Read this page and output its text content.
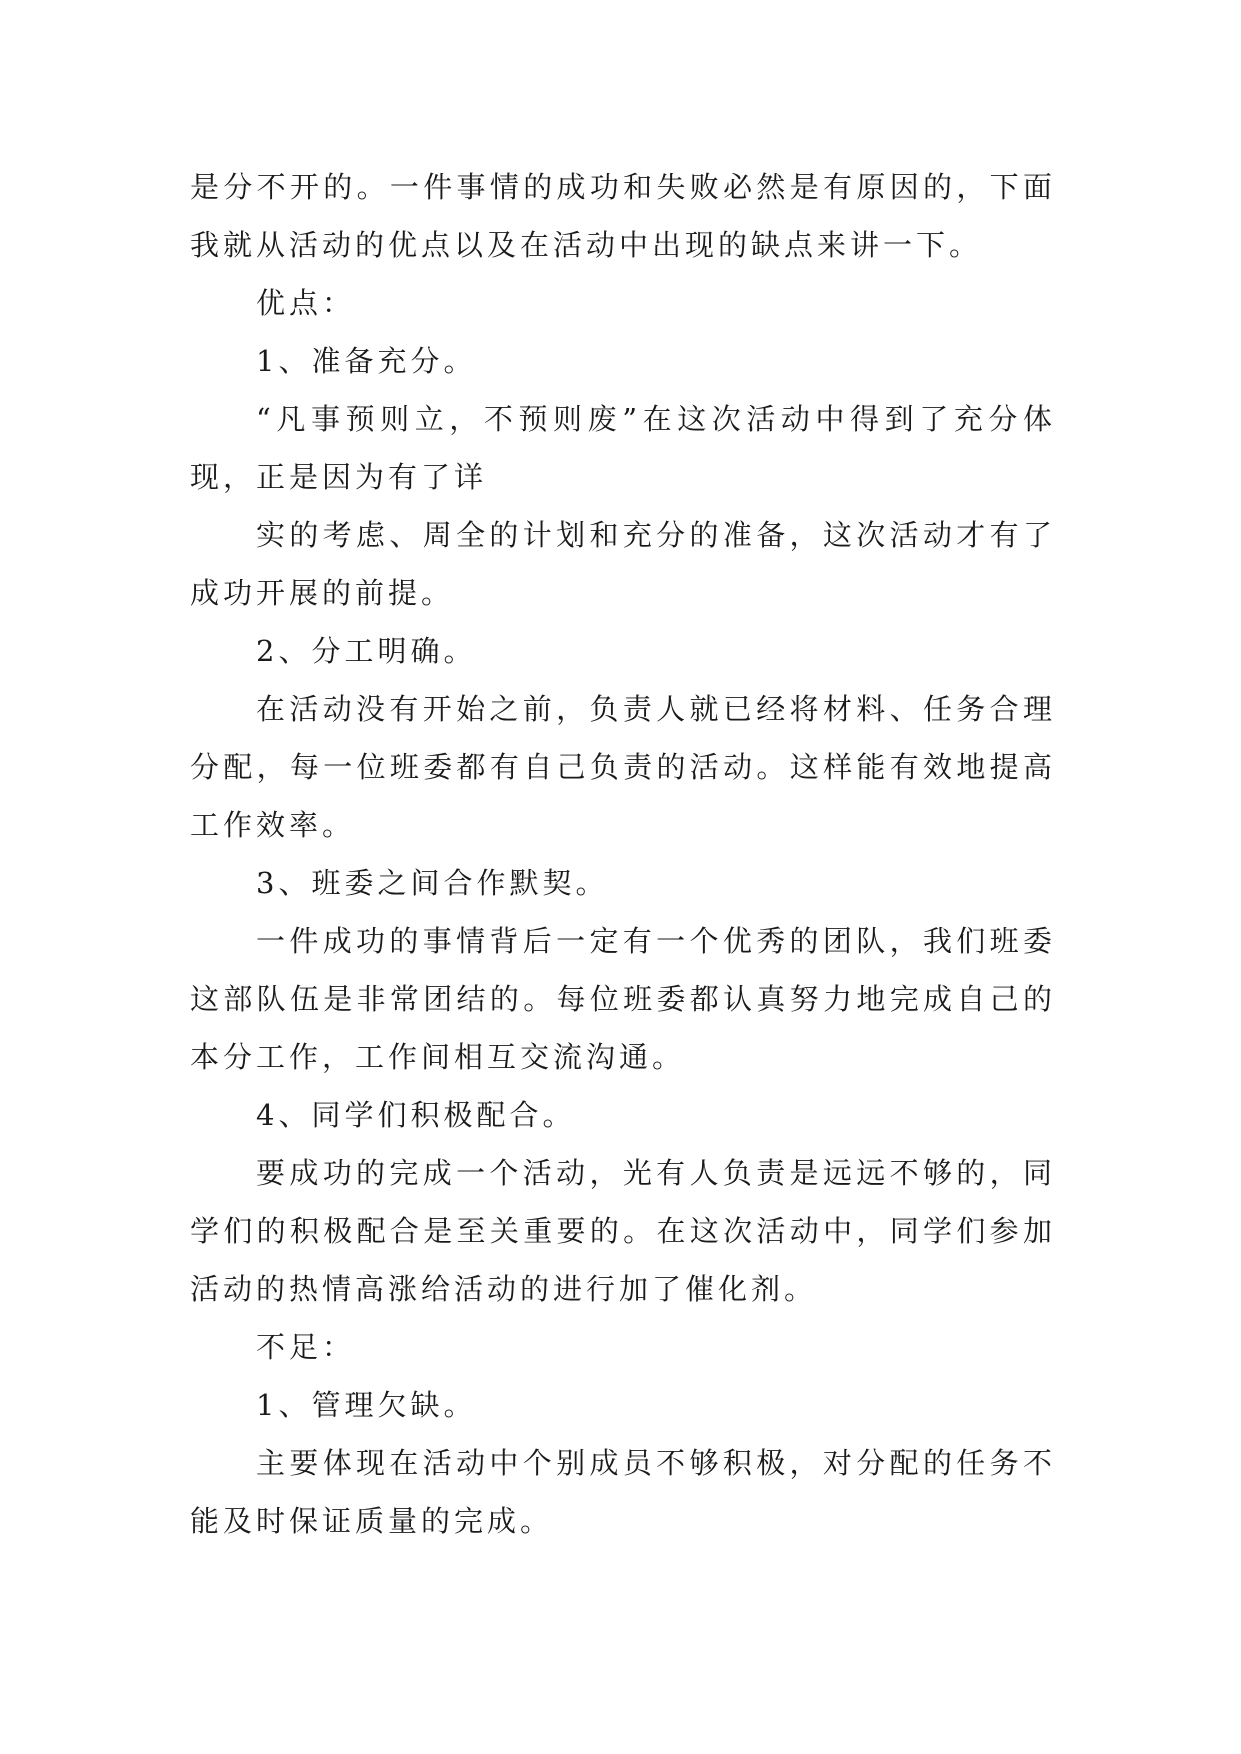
是分不开的。一件事情的成功和失败必然是有原因的，下面我就从活动的优点以及在活动中出现的缺点来讲一下。

优点：

1、准备充分。

“凡事预则立，不预则废”在这次活动中得到了充分体现，正是因为有了详

实的考虑、周全的计划和充分的准备，这次活动才有了成功开展的前提。

2、分工明确。

在活动没有开始之前，负责人就已经将材料、任务合理分配，每一位班委都有自己负责的活动。这样能有效地提高工作效率。

3、班委之间合作默契。

一件成功的事情背后一定有一个优秀的团队，我们班委这部队伍是非常团结的。每位班委都认真努力地完成自己的本分工作，工作间相互交流沟通。

4、同学们积极配合。

要成功的完成一个活动，光有人负责是远远不够的，同学们的积极配合是至关重要的。在这次活动中，同学们参加活动的热情高涨给活动的进行加了催化剂。

不足：

1、管理欠缺。

主要体现在活动中个别成员不够积极，对分配的任务不能及时保证质量的完成。
